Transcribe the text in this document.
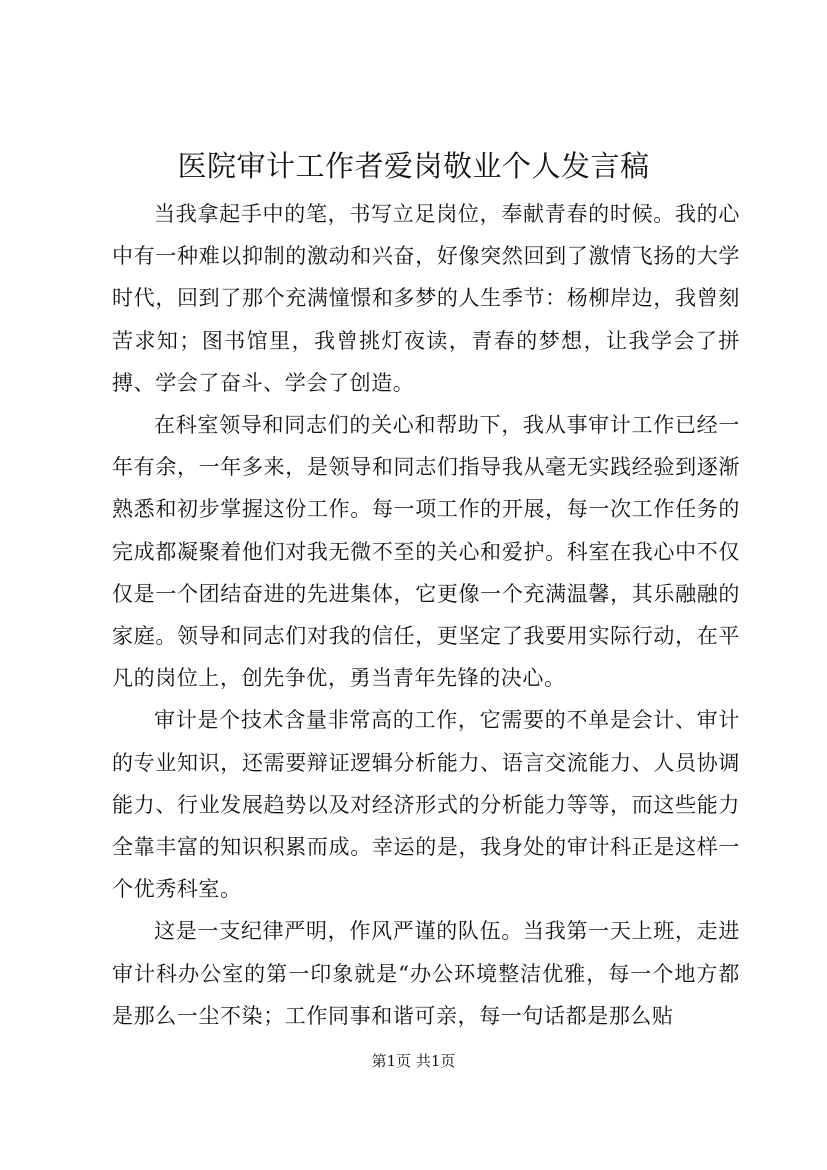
医院审计工作者爱岗敬业个人发言稿

当我拿起手中的笔，书写立足岗位，奉献青春的时候。我的心中有一种难以抑制的激动和兴奋，好像突然回到了激情飞扬的大学时代，回到了那个充满憧憬和多梦的人生季节：杨柳岸边，我曾刻苦求知；图书馆里，我曾挑灯夜读，青春的梦想，让我学会了拼搏、学会了奋斗、学会了创造。

在科室领导和同志们的关心和帮助下，我从事审计工作已经一年有余，一年多来，是领导和同志们指导我从毫无实践经验到逐渐熟悉和初步掌握这份工作。每一项工作的开展，每一次工作任务的完成都凝聚着他们对我无微不至的关心和爱护。科室在我心中不仅仅是一个团结奋进的先进集体，它更像一个充满温馨，其乐融融的家庭。领导和同志们对我的信任，更坚定了我要用实际行动，在平凡的岗位上，创先争优，勇当青年先锋的决心。

审计是个技术含量非常高的工作，它需要的不单是会计、审计的专业知识，还需要辩证逻辑分析能力、语言交流能力、人员协调能力、行业发展趋势以及对经济形式的分析能力等等，而这些能力全靠丰富的知识积累而成。幸运的是，我身处的审计科正是这样一个优秀科室。

这是一支纪律严明，作风严谨的队伍。当我第一天上班，走进审计科办公室的第一印象就是“办公环境整洁优雅，每一个地方都是那么一尘不染；工作同事和谐可亲，每一句话都是那么贴

第1页 共1页
